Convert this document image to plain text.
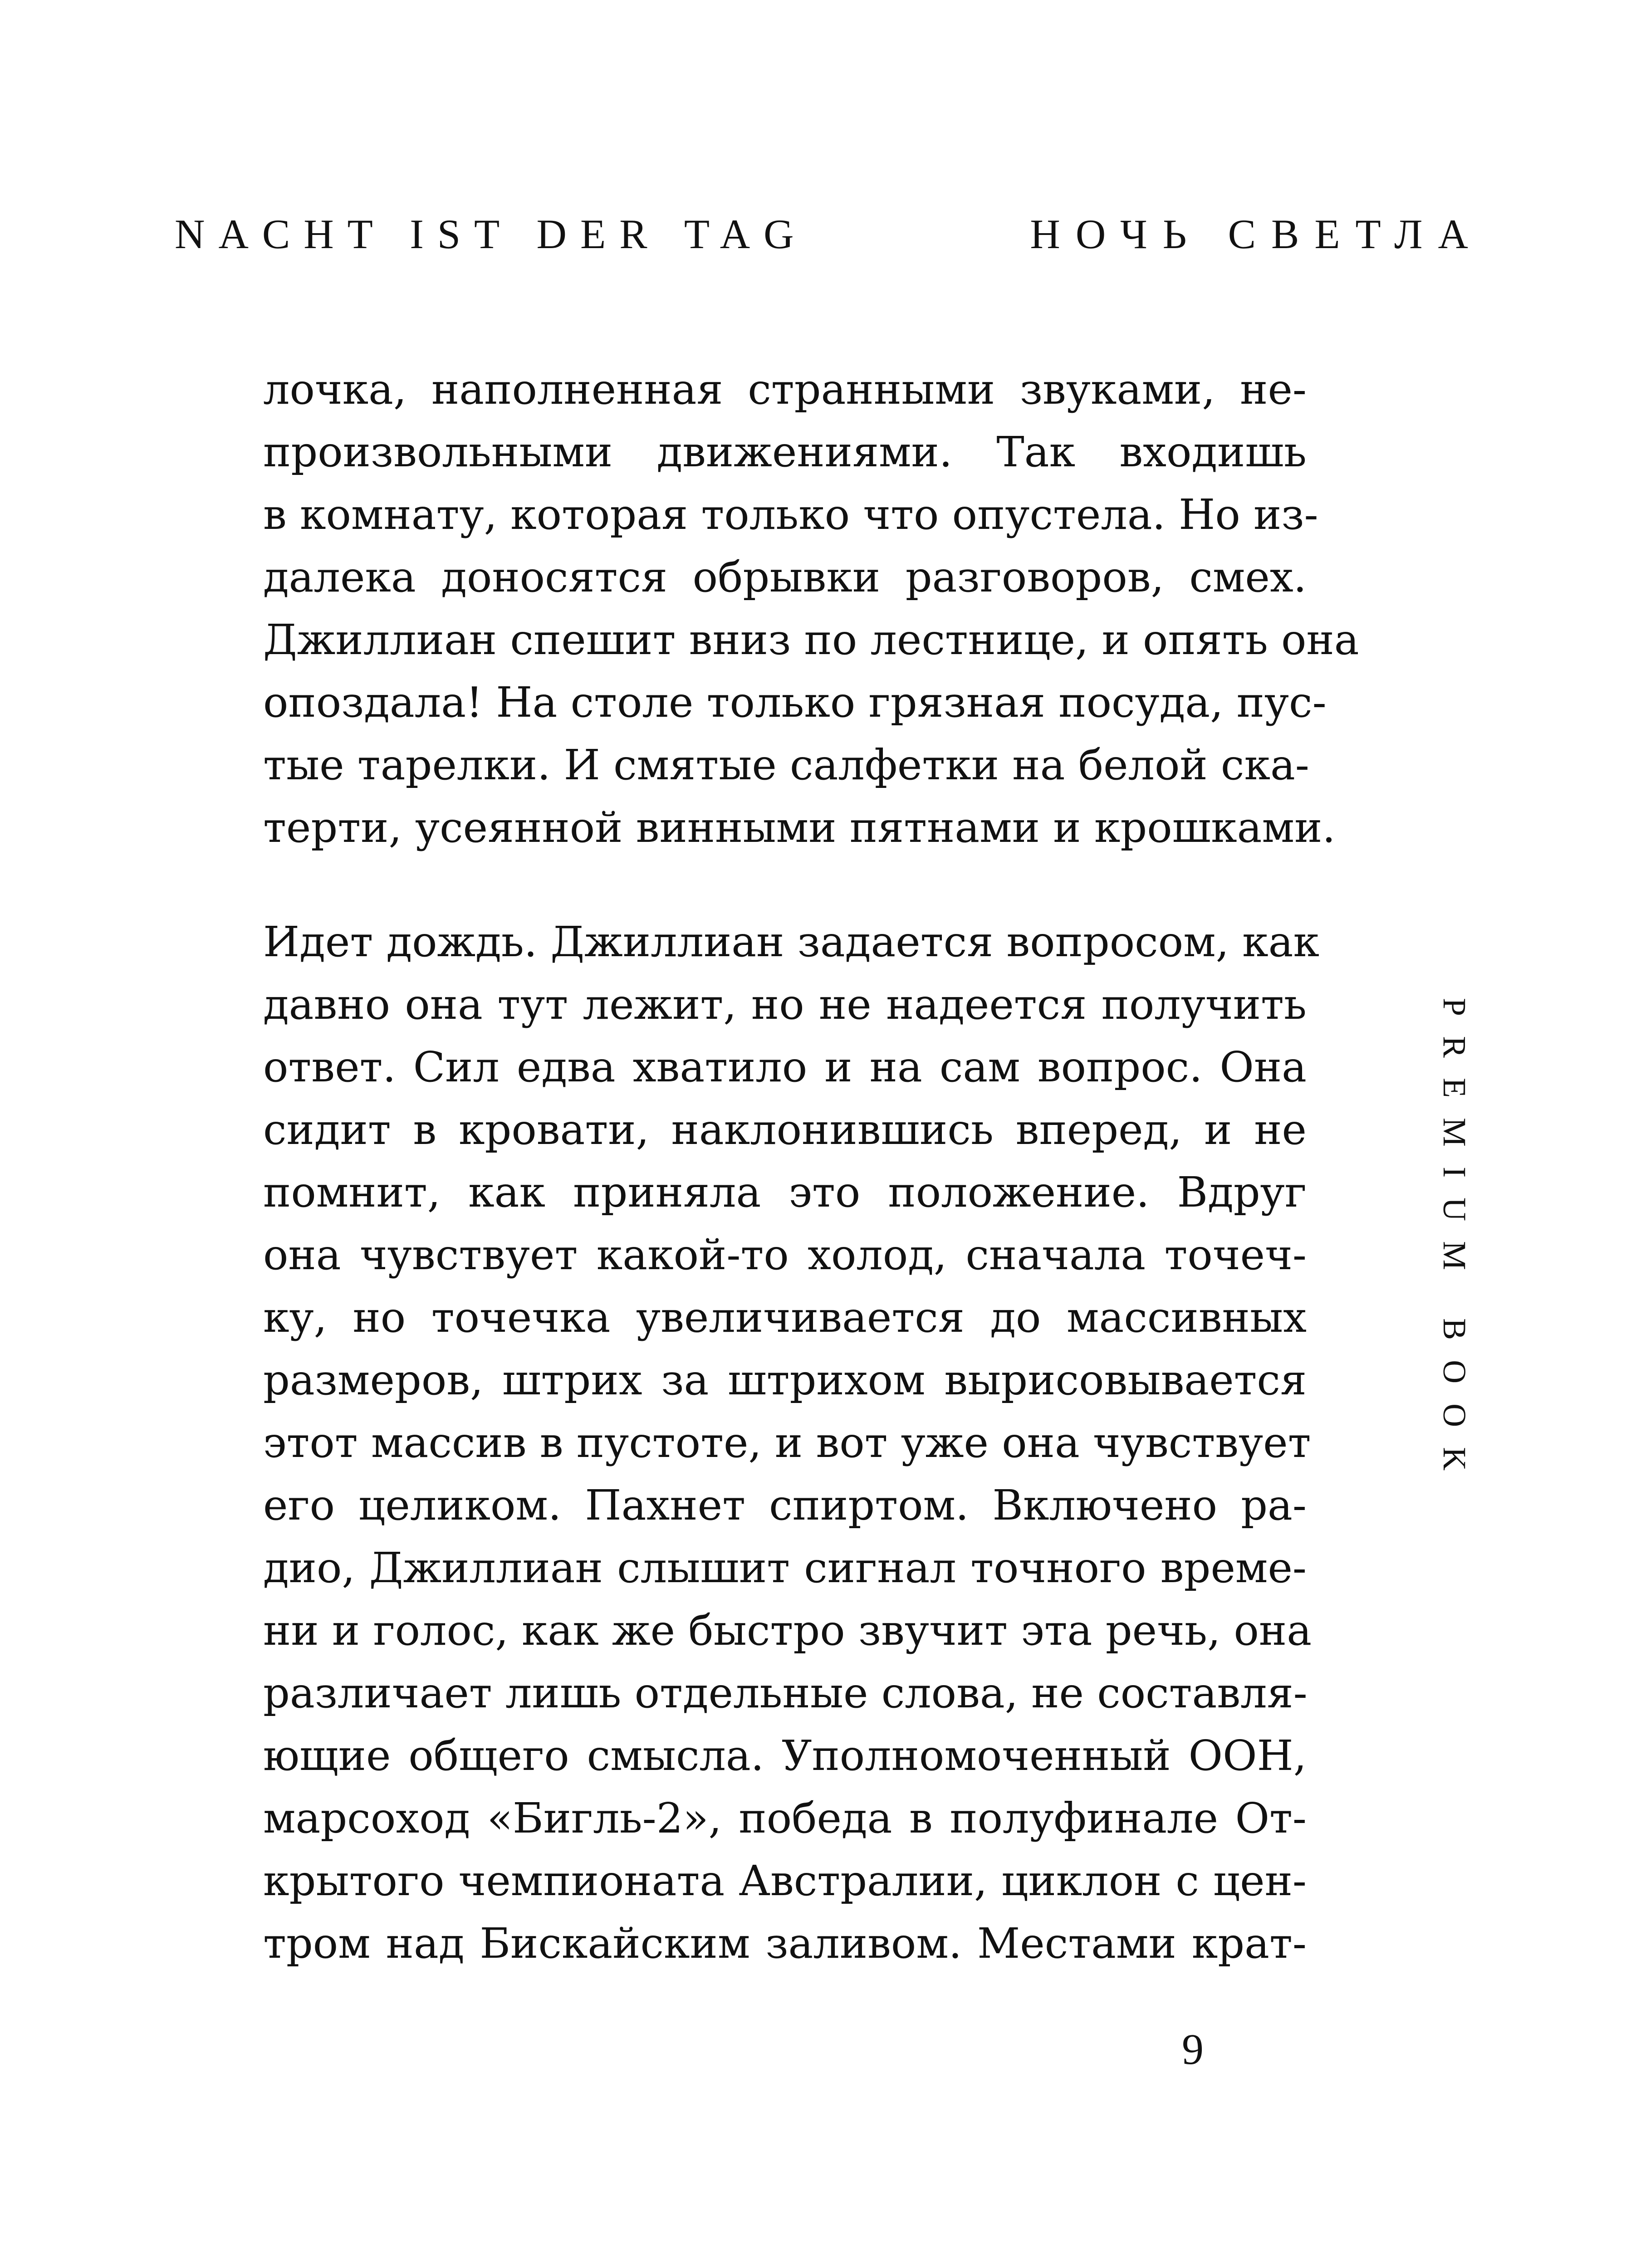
NACHT IST DER TAG	НОЧЬ СВЕТЛА
лочка, наполненная странными звуками, не-
произвольными движениями. Так входишь
в комнату, которая только что опустела. Но из-
далека доносятся обрывки разговоров, смех.
Джиллиан спешит вниз по лестнице, и опять она
опоздала! На столе только грязная посуда, пус-
тые тарелки. И смятые салфетки на белой ска-
терти, усеянной винными пятнами и крошками.
Идет дождь. Джиллиан задается вопросом, как
давно она тут лежит, но не надеется получить
ответ. Сил едва хватило и на сам вопрос. Она
сидит в кровати, наклонившись вперед, и не
помнит, как приняла это положение. Вдруг
она чувствует какой-то холод, сначала точеч-
ку, но точечка увеличивается до массивных
размеров, штрих за штрихом вырисовывается
этот массив в пустоте, и вот уже она чувствует
его целиком. Пахнет спиртом. Включено ра-
дио, Джиллиан слышит сигнал точного време-
ни и голос, как же быстро звучит эта речь, она
различает лишь отдельные слова, не составля-
ющие общего смысла. Уполномоченный ООН,
марсоход «Бигль-2», победа в полуфинале От-
крытого чемпионата Австралии, циклон с цен-
тром над Бискайским заливом. Местами крат-
PREMIUM BOOK
9
